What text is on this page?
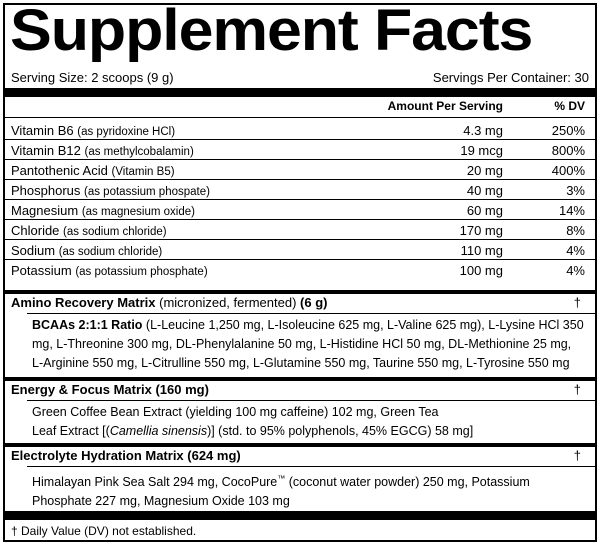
Supplement Facts
Serving Size: 2 scoops (9 g)	Servings Per Container: 30
Amount Per Serving	% DV
Vitamin B6 (as pyridoxine HCl)	4.3 mg	250%
Vitamin B12 (as methylcobalamin)	19 mcg	800%
Pantothenic Acid (Vitamin B5)	20 mg	400%
Phosphorus (as potassium phospate)	40 mg	3%
Magnesium (as magnesium oxide)	60 mg	14%
Chloride (as sodium chloride)	170 mg	8%
Sodium (as sodium chloride)	110 mg	4%
Potassium (as potassium phosphate)	100 mg	4%
Amino Recovery Matrix (micronized, fermented) (6 g)	†
BCAAs 2:1:1 Ratio (L-Leucine 1,250 mg, L-Isoleucine 625 mg, L-Valine 625 mg), L-Lysine HCl 350
mg, L-Threonine 300 mg, DL-Phenylalanine 50 mg, L-Histidine HCl 50 mg, DL-Methionine 25 mg,
L-Arginine 550 mg, L-Citrulline 550 mg, L-Glutamine 550 mg, Taurine 550 mg, L-Tyrosine 550 mg
Energy & Focus Matrix (160 mg)	†
Green Coffee Bean Extract (yielding 100 mg caffeine) 102 mg, Green Tea
Leaf Extract [(Camellia sinensis)] (std. to 95% polyphenols, 45% EGCG) 58 mg]
Electrolyte Hydration Matrix (624 mg)	†
Himalayan Pink Sea Salt 294 mg, CocoPure™ (coconut water powder) 250 mg, Potassium
Phosphate 227 mg, Magnesium Oxide 103 mg
† Daily Value (DV) not established.
